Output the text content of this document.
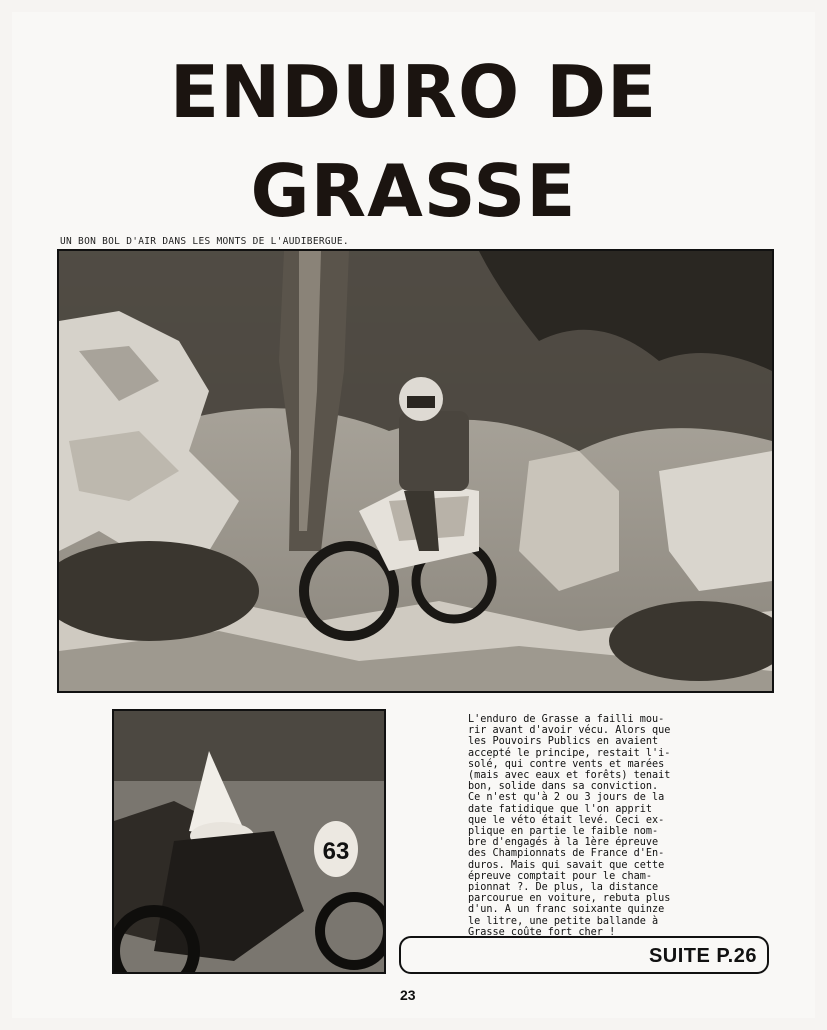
ENDURO DE
GRASSE
UN BON BOL D'AIR DANS LES MONTS DE L'AUDIBERGUE.
63
L'enduro de Grasse a failli mou-
rir avant d'avoir vécu. Alors que
les Pouvoirs Publics en avaient
accepté le principe, restait l'i-
solé, qui contre vents et marées
(mais avec eaux et forêts) tenait
bon, solide dans sa conviction.
Ce n'est qu'à 2 ou 3 jours de la
date fatidique que l'on apprit
que le véto était levé. Ceci ex-
plique en partie le faible nom-
bre d'engagés à la 1ère épreuve
des Championnats de France d'En-
duros. Mais qui savait que cette
épreuve comptait pour le cham-
pionnat ?. De plus, la distance
parcourue en voiture, rebuta plus
d'un. A un franc soixante quinze
le litre, une petite ballande à
Grasse coûte fort cher !
SUITE P.26
23
